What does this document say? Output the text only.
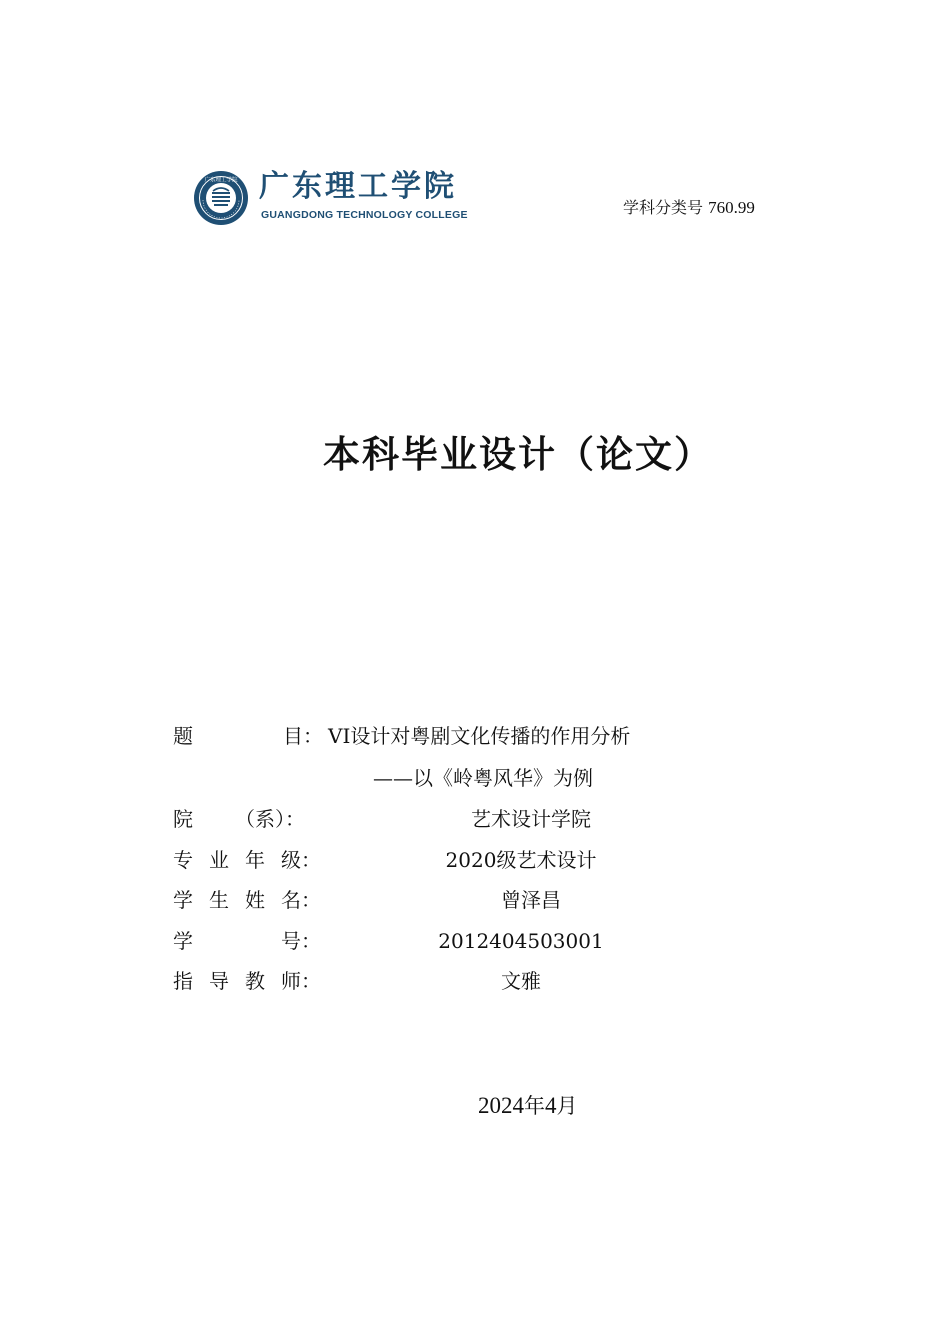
广东理工学院 广东理工学院
GUANGDONG TECHNOLOGY COLLEGE	学科分类号 760.99
本科毕业设计（论文）
题	目： VI设计对粤剧文化传播的作用分析
——以《岭粤风华》为例
院 （系）：	艺术设计学院
专 业 年 级：	2020级艺术设计
学 生 姓 名：	曾泽昌
学	号：	2012404503001
指 导 教 师：	文雅
2024年4月
